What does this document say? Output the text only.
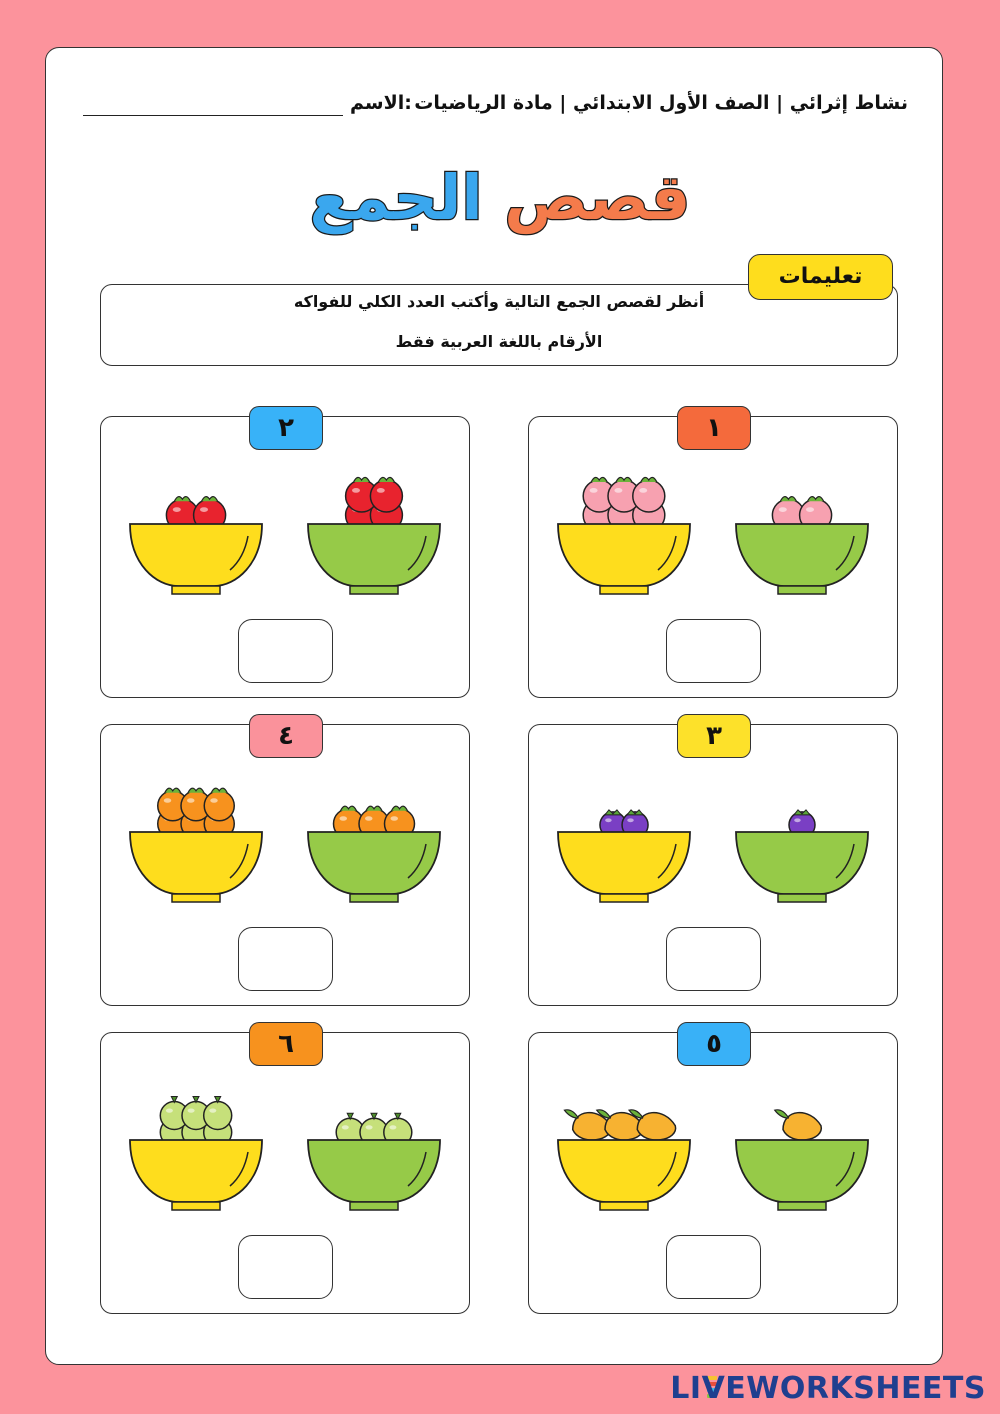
نشاط إثرائي | الصف الأول الابتدائي | مادة الرياضيات
الاسم:
قصص الجمع
تعليمات
أنظر لقصص الجمع التالية وأكتب العدد الكلي للفواكه
الأرقام باللغة العربية فقط
١
٢
٣
٤
٥
٦
LIVEWORKSHEETS
